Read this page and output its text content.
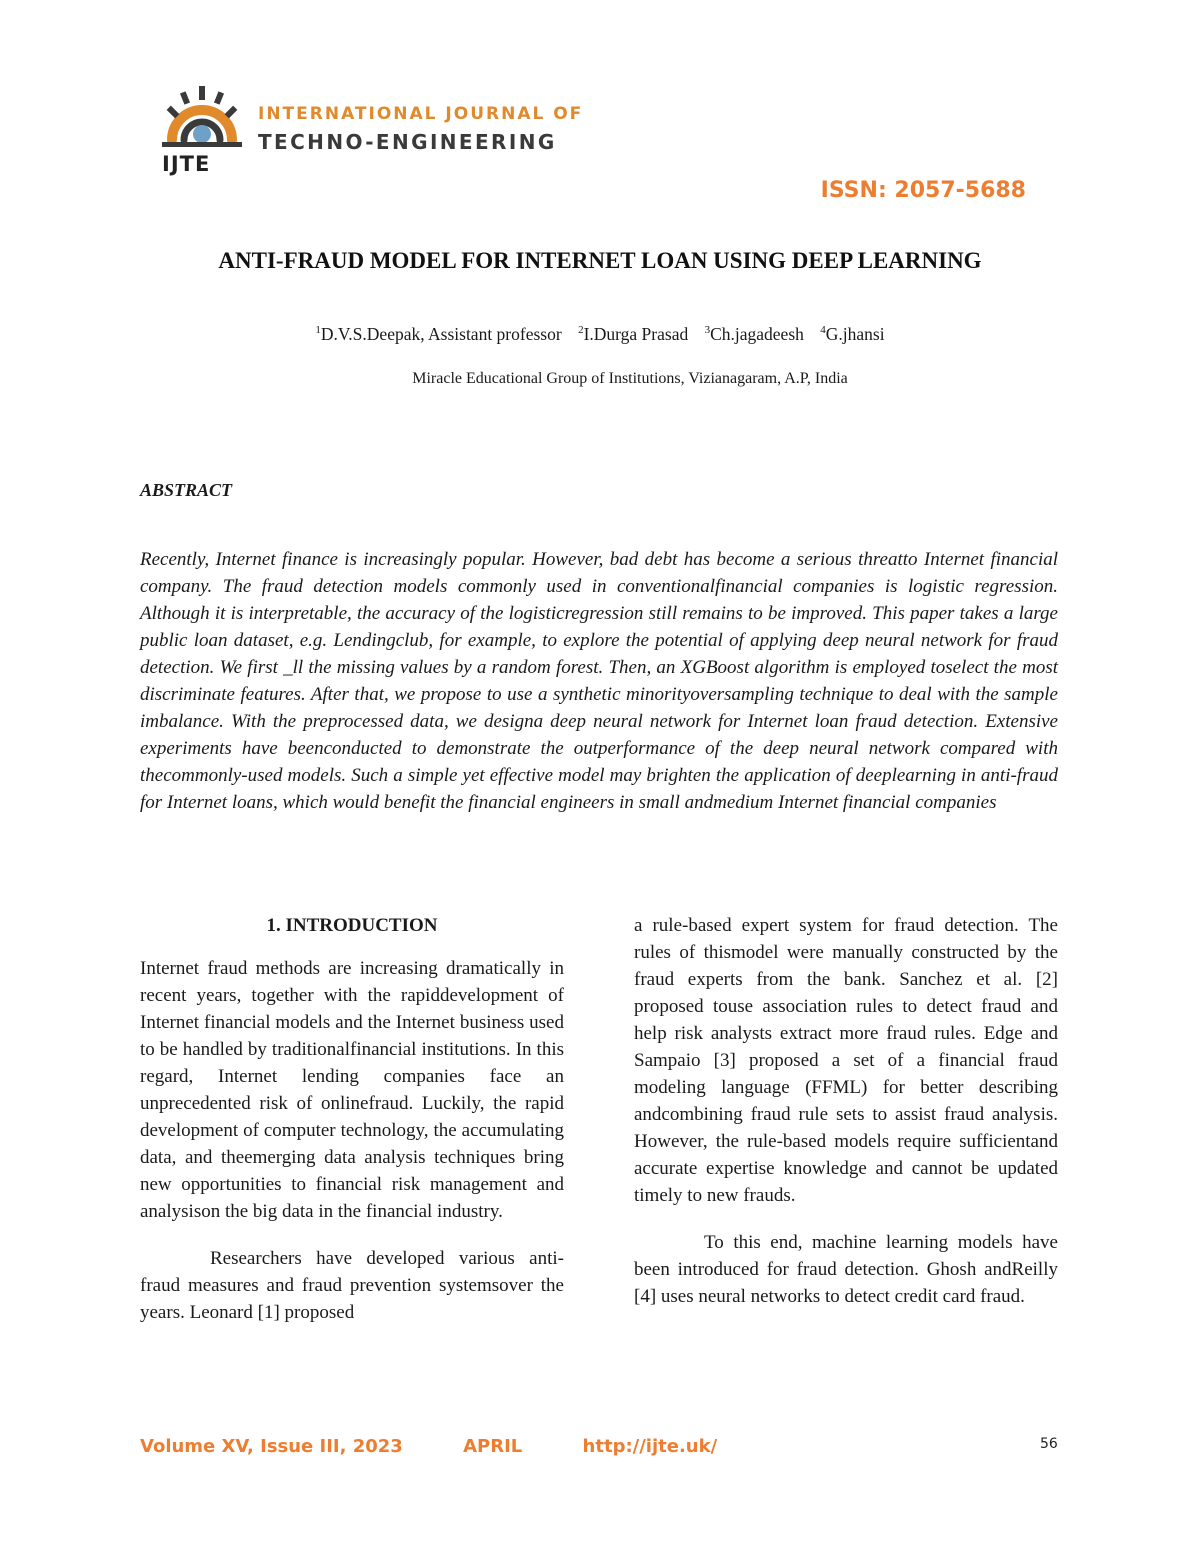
IJTE
INTERNATIONAL JOURNAL OF
TECHNO-ENGINEERING
ISSN: 2057-5688
ANTI-FRAUD MODEL FOR INTERNET LOAN USING DEEP LEARNING
$^1$D.V.S.Deepak, Assistant professor $^2$I.Durga Prasad $^3$Ch.jagadeesh $^4$G.jhansi
Miracle Educational Group of Institutions, Vizianagaram, A.P, India
ABSTRACT

Recently, Internet finance is increasingly popular. However, bad debt has become a serious threatto Internet financial company. The fraud detection models commonly used in conventionalfinancial companies is logistic regression. Although it is interpretable, the accuracy of the logisticregression still remains to be improved. This paper takes a large public loan dataset, e.g. Lendingclub, for example, to explore the potential of applying deep neural network for fraud detection. We first _ll the missing values by a random forest. Then, an XGBoost algorithm is employed toselect the most discriminate features. After that, we propose to use a synthetic minorityoversampling technique to deal with the sample imbalance. With the preprocessed data, we designa deep neural network for Internet loan fraud detection. Extensive experiments have beenconducted to demonstrate the outperformance of the deep neural network compared with thecommonly-used models. Such a simple yet effective model may brighten the application of deeplearning in anti-fraud for Internet loans, which would benefit the financial engineers in small andmedium Internet financial companies

1. INTRODUCTION

Internet fraud methods are increasing dramatically in recent years, together with the rapiddevelopment of Internet financial models and the Internet business used to be handled by traditionalfinancial institutions. In this regard, Internet lending companies face an unprecedented risk of onlinefraud. Luckily, the rapid development of computer technology, the accumulating data, and theemerging data analysis techniques bring new opportunities to financial risk management and analysison the big data in the financial industry.

Researchers have developed various anti-fraud measures and fraud prevention systemsover the years. Leonard [1] proposed

a rule-based expert system for fraud detection. The rules of thismodel were manually constructed by the fraud experts from the bank. Sanchez et al. [2] proposed touse association rules to detect fraud and help risk analysts extract more fraud rules. Edge and Sampaio [3] proposed a set of a financial fraud modeling language (FFML) for better describing andcombining fraud rule sets to assist fraud analysis. However, the rule-based models require sufficientand accurate expertise knowledge and cannot be updated timely to new frauds.

To this end, machine learning models have been introduced for fraud detection. Ghosh andReilly [4] uses neural networks to detect credit card fraud.

Volume XV, Issue III, 2023	APRIL	http://ijte.uk/	56
